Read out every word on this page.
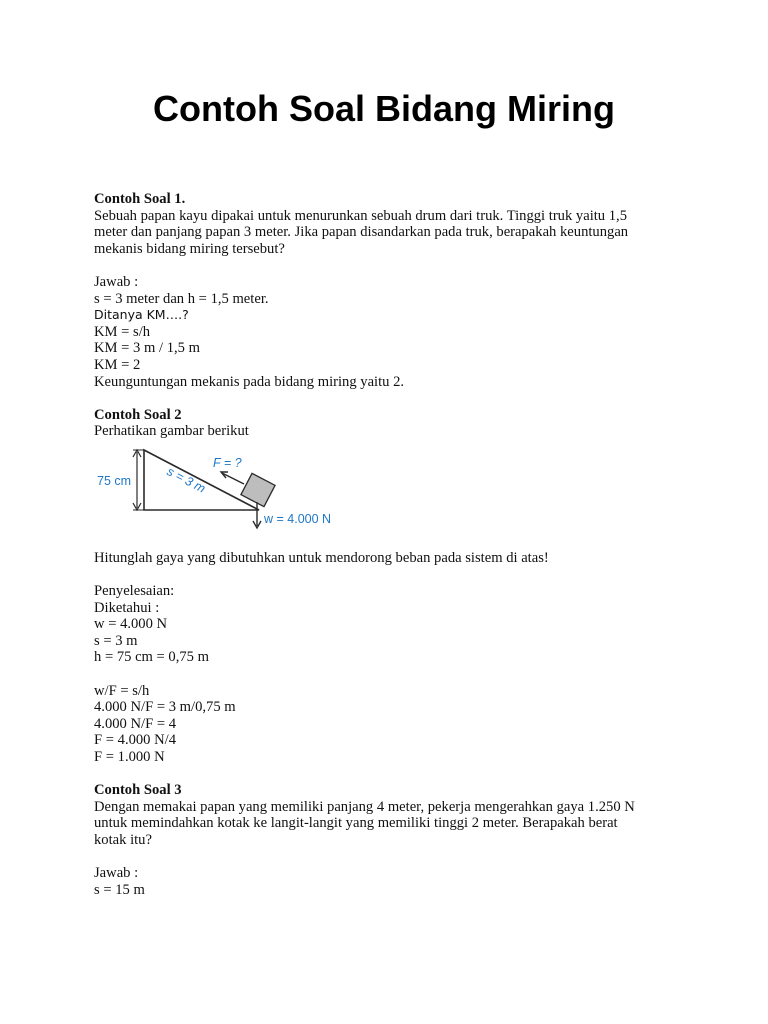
Contoh Soal Bidang Miring
Contoh Soal 1.
Sebuah papan kayu dipakai untuk menurunkan sebuah drum dari truk. Tinggi truk yaitu 1,5
meter dan panjang papan 3 meter. Jika papan disandarkan pada truk, berapakah keuntungan
mekanis bidang miring tersebut?
Jawab :
s = 3 meter dan h = 1,5 meter.
Ditanya KM….?
KM = s/h
KM = 3 m / 1,5 m
KM = 2
Keunguntungan mekanis pada bidang miring yaitu 2.
Contoh Soal 2
Perhatikan gambar berikut
75 cm
F = ?
s = 3 m
w = 4.000 N
Hitunglah gaya yang dibutuhkan untuk mendorong beban pada sistem di atas!
Penyelesaian:
Diketahui :
w = 4.000 N
s = 3 m
h = 75 cm = 0,75 m
w/F = s/h
4.000 N/F = 3 m/0,75 m
4.000 N/F = 4
F = 4.000 N/4
F = 1.000 N
Contoh Soal 3
Dengan memakai papan yang memiliki panjang 4 meter, pekerja mengerahkan gaya 1.250 N
untuk memindahkan kotak ke langit-langit yang memiliki tinggi 2 meter. Berapakah berat
kotak itu?
Jawab :
s = 15 m
